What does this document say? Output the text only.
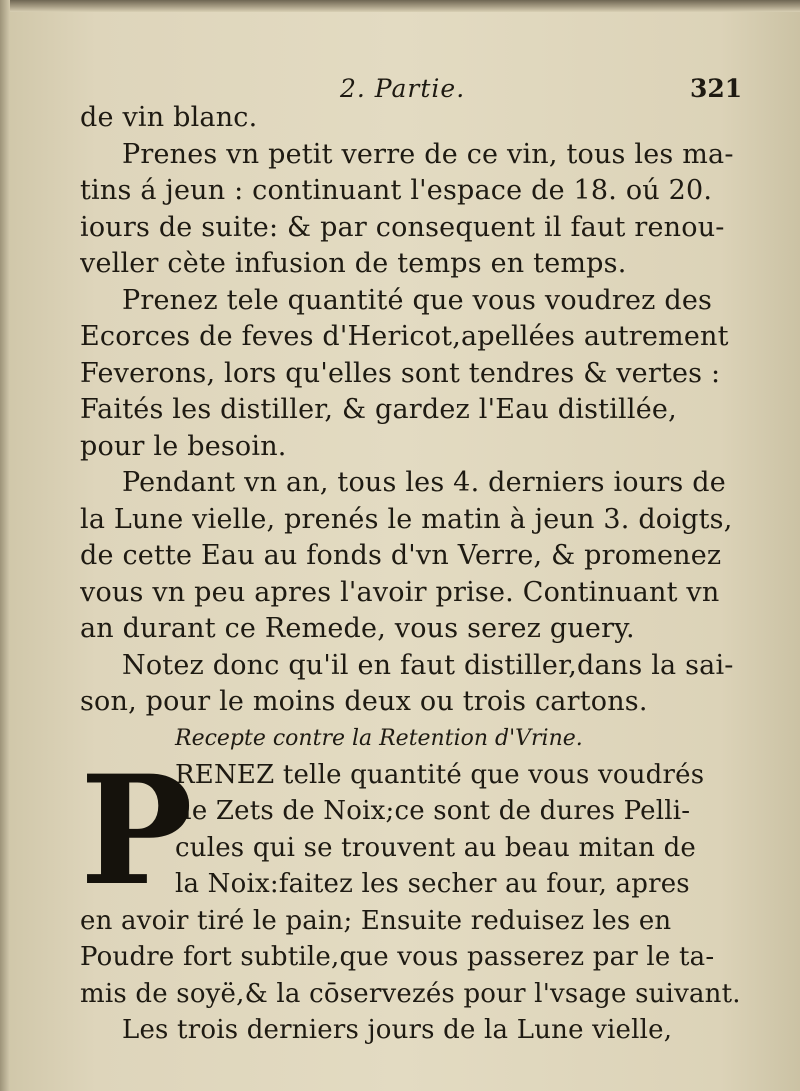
2. Partie.	321
de vin blanc.
Prenes vn petit verre de ce vin, tous les ma-
tins á jeun : continuant l'espace de 18. oú 20.
iours de suite: & par consequent il faut renou-
veller cète infusion de temps en temps.
Prenez tele quantité que vous voudrez des
Ecorces de feves d'Hericot,apellées autrement
Feverons, lors qu'elles sont tendres & vertes :
Faités les distiller, & gardez l'Eau distillée,
pour le besoin.
Pendant vn an, tous les 4. derniers iours de
la Lune vielle, prenés le matin à jeun 3. doigts,
de cette Eau au fonds d'vn Verre, & promenez
vous vn peu apres l'avoir prise. Continuant vn
an durant ce Remede, vous serez guery.
Notez donc qu'il en faut distiller,dans la sai-
son, pour le moins deux ou trois cartons.
Recepte contre la Retention d'Vrine.
P
RENEZ telle quantité que vous voudrés
de Zets de Noix;ce sont de dures Pelli-
cules qui se trouvent au beau mitan de
la Noix:faitez les secher au four, apres
en avoir tiré le pain; Ensuite reduisez les en
Poudre fort subtile,que vous passerez par le ta-
mis de soyë,& la cōservezés pour l'vsage suivant.
Les trois derniers jours de la Lune vielle,
